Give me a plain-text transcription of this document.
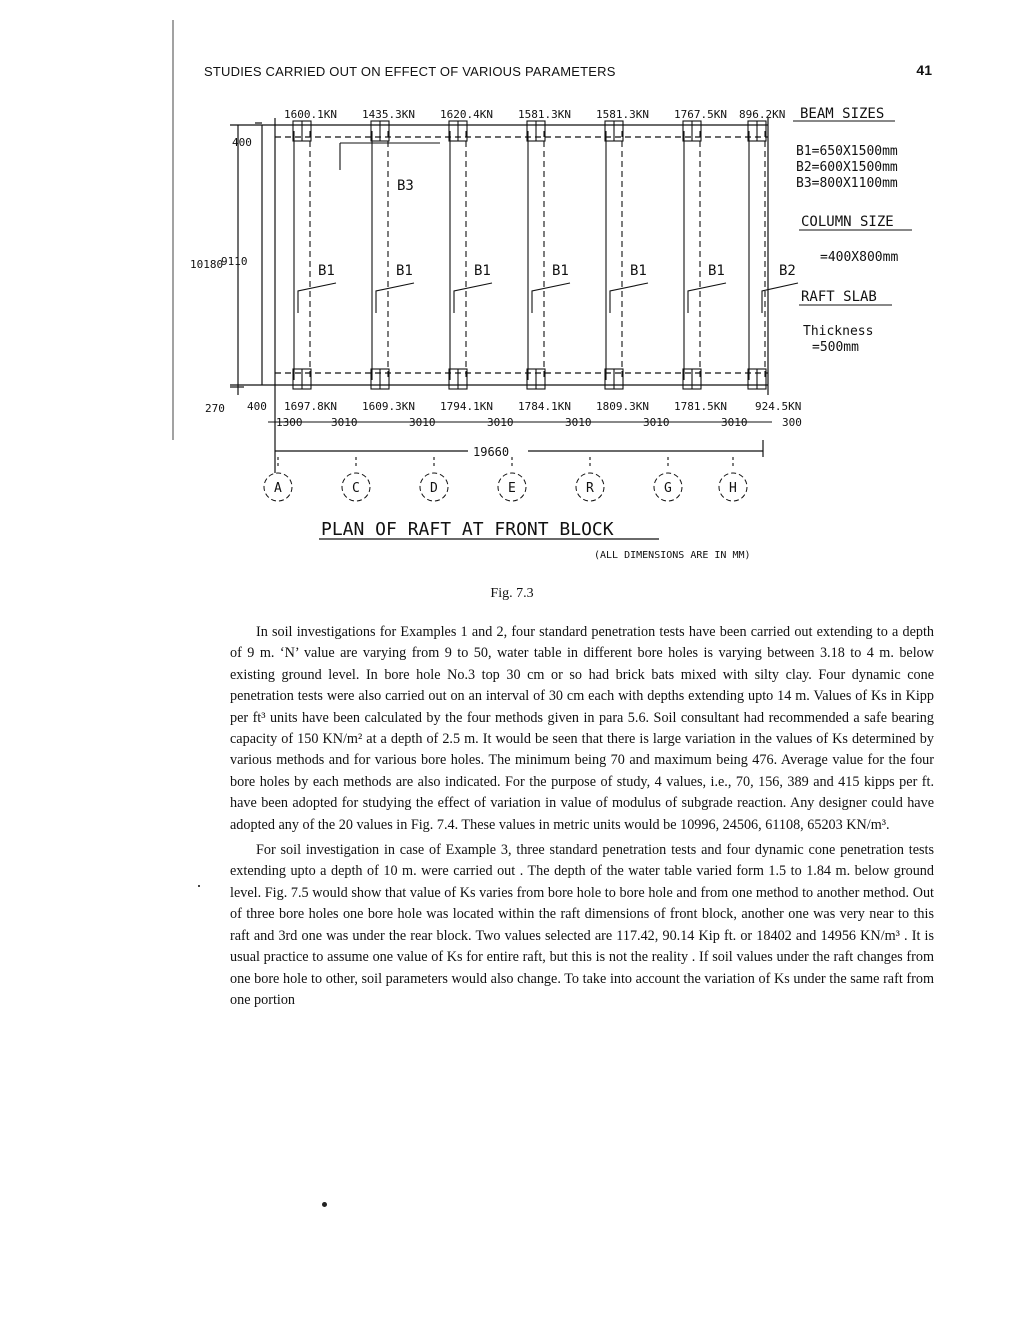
STUDIES CARRIED OUT ON EFFECT OF VARIOUS PARAMETERS	41
A
1600.1KN
1697.8KN
B1
C
1435.3KN
1609.3KN
B1
D
1620.4KN
1794.1KN
B1
E
1581.3KN
1784.1KN
B1
R
1581.3KN
1809.3KN
B1
G
1767.5KN
1781.5KN
B1
H
896.2KN
924.5KN
1300	3010	3010	3010	3010	3010	3010	300
BEAM SIZES
B1=650X1500mm
B2=600X1500mm
B3=800X1100mm
COLUMN SIZE
=400X800mm
RAFT SLAB
Thickness
=500mm
400
10180
9110
270 400
B2
B3
19660
PLAN OF RAFT AT FRONT BLOCK
(ALL DIMENSIONS ARE IN MM)
Fig. 7.3

In soil investigations for Examples 1 and 2, four standard penetration tests have been carried out extending to a depth of 9 m. ‘N’ value are varying from 9 to 50, water table in different bore holes is varying between 3.18 to 4 m. below existing ground level. In bore hole No.3 top 30 cm or so had brick bats mixed with silty clay. Four dynamic cone penetration tests were also carried out on an interval of 30 cm each with depths extending upto 14 m. Values of Ks in Kipp per ft³ units have been calculated by the four methods given in para 5.6. Soil consultant had recommended a safe bearing capacity of 150 KN/m² at a depth of 2.5 m. It would be seen that there is large variation in the values of Ks determined by various methods and for various bore holes. The minimum being 70 and maximum being 476. Average value for the four bore holes by each methods are also indicated. For the purpose of study, 4 values, i.e., 70, 156, 389 and 415 kipps per ft. have been adopted for studying the effect of variation in value of modulus of subgrade reaction. Any designer could have adopted any of the 20 values in Fig. 7.4. These values in metric units would be 10996, 24506, 61108, 65203 KN/m³.

For soil investigation in case of Example 3, three standard penetration tests and four dynamic cone penetration tests extending upto a depth of 10 m. were carried out . The depth of the water table varied form 1.5 to 1.84 m. below ground level. Fig. 7.5 would show that value of Ks varies from bore hole to bore hole and from one method to another method. Out of three bore holes one bore hole was located within the raft dimensions of front block, another one was very near to this raft and 3rd one was under the rear block. Two values selected are 117.42, 90.14 Kip ft. or 18402 and 14956 KN/m³ . It is usual practice to assume one value of Ks for entire raft, but this is not the reality . If soil values under the raft changes from one bore hole to other, soil parameters would also change. To take into account the variation of Ks under the same raft from one portion
